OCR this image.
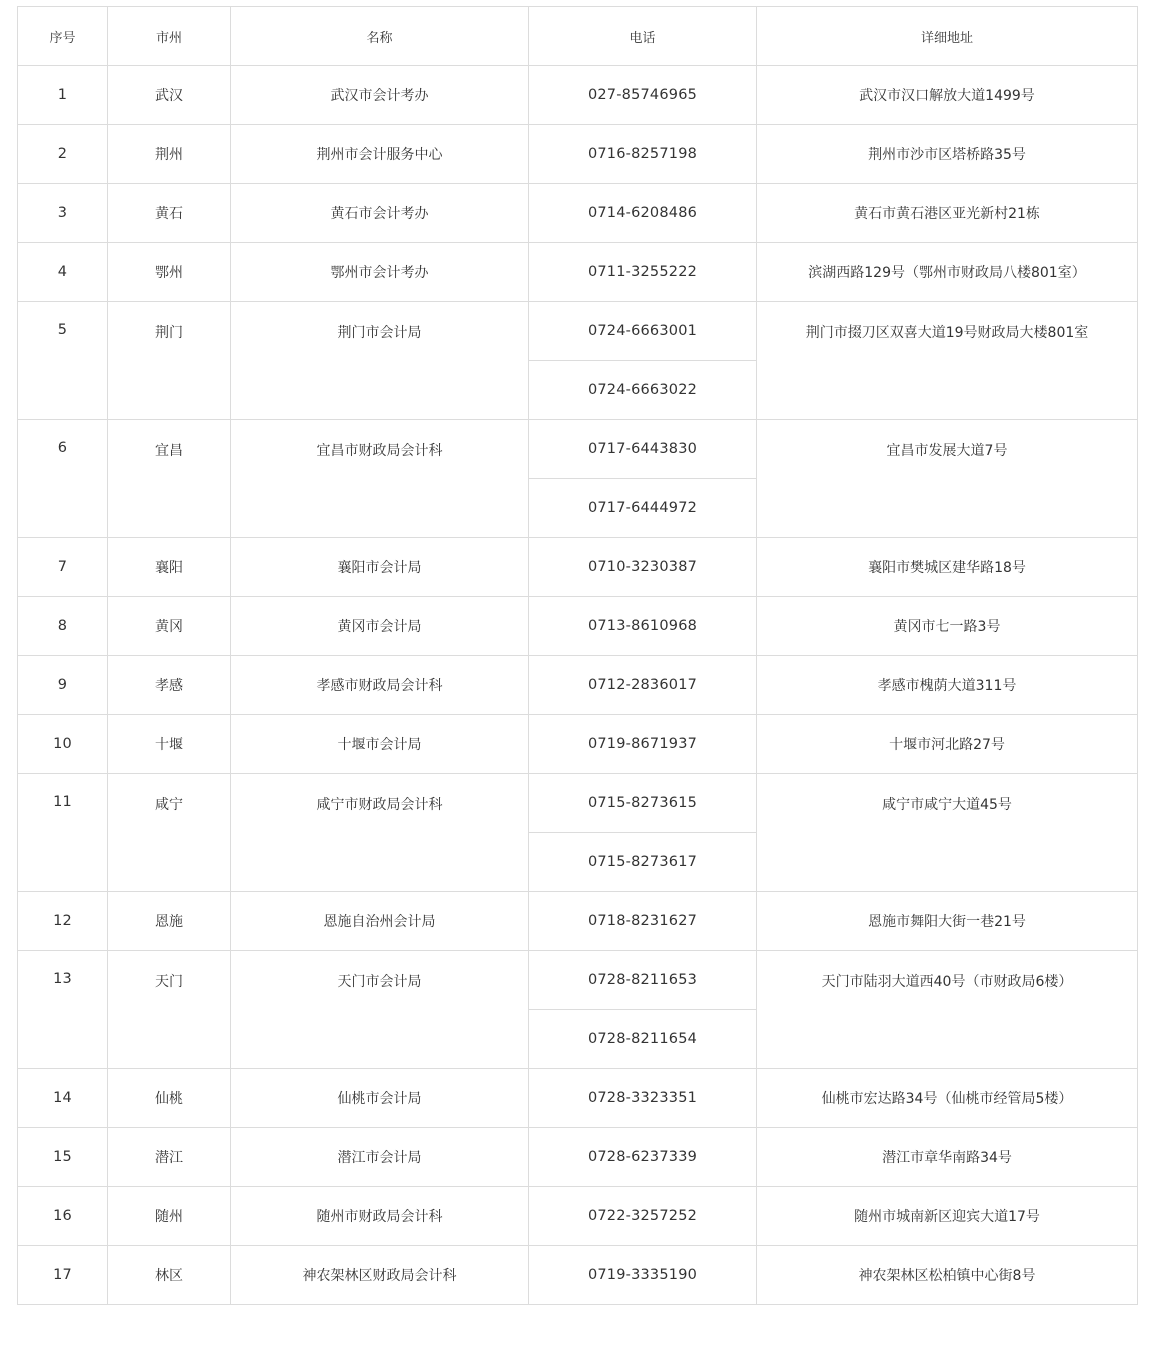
序号	市州	名称	电话	详细地址
1	武汉	武汉市会计考办	027-85746965	武汉市汉口解放大道1499号
2	荆州	荆州市会计服务中心	0716-8257198	荆州市沙市区塔桥路35号
3	黄石	黄石市会计考办	0714-6208486	黄石市黄石港区亚光新村21栋
4	鄂州	鄂州市会计考办	0711-3255222	滨湖西路129号（鄂州市财政局八楼801室）
5	荆门	荆门市会计局	0724-6663001	荆门市掇刀区双喜大道19号财政局大楼801室
			0724-6663022	
6	宜昌	宜昌市财政局会计科	0717-6443830	宜昌市发展大道7号
			0717-6444972	
7	襄阳	襄阳市会计局	0710-3230387	襄阳市樊城区建华路18号
8	黄冈	黄冈市会计局	0713-8610968	黄冈市七一路3号
9	孝感	孝感市财政局会计科	0712-2836017	孝感市槐荫大道311号
10	十堰	十堰市会计局	0719-8671937	十堰市河北路27号
11	咸宁	咸宁市财政局会计科	0715-8273615	咸宁市咸宁大道45号
			0715-8273617	
12	恩施	恩施自治州会计局	0718-8231627	恩施市舞阳大街一巷21号
13	天门	天门市会计局	0728-8211653	天门市陆羽大道西40号（市财政局6楼）
			0728-8211654	
14	仙桃	仙桃市会计局	0728-3323351	仙桃市宏达路34号（仙桃市经管局5楼）
15	潜江	潜江市会计局	0728-6237339	潜江市章华南路34号
16	随州	随州市财政局会计科	0722-3257252	随州市城南新区迎宾大道17号
17	林区	神农架林区财政局会计科	0719-3335190	神农架林区松柏镇中心街8号
